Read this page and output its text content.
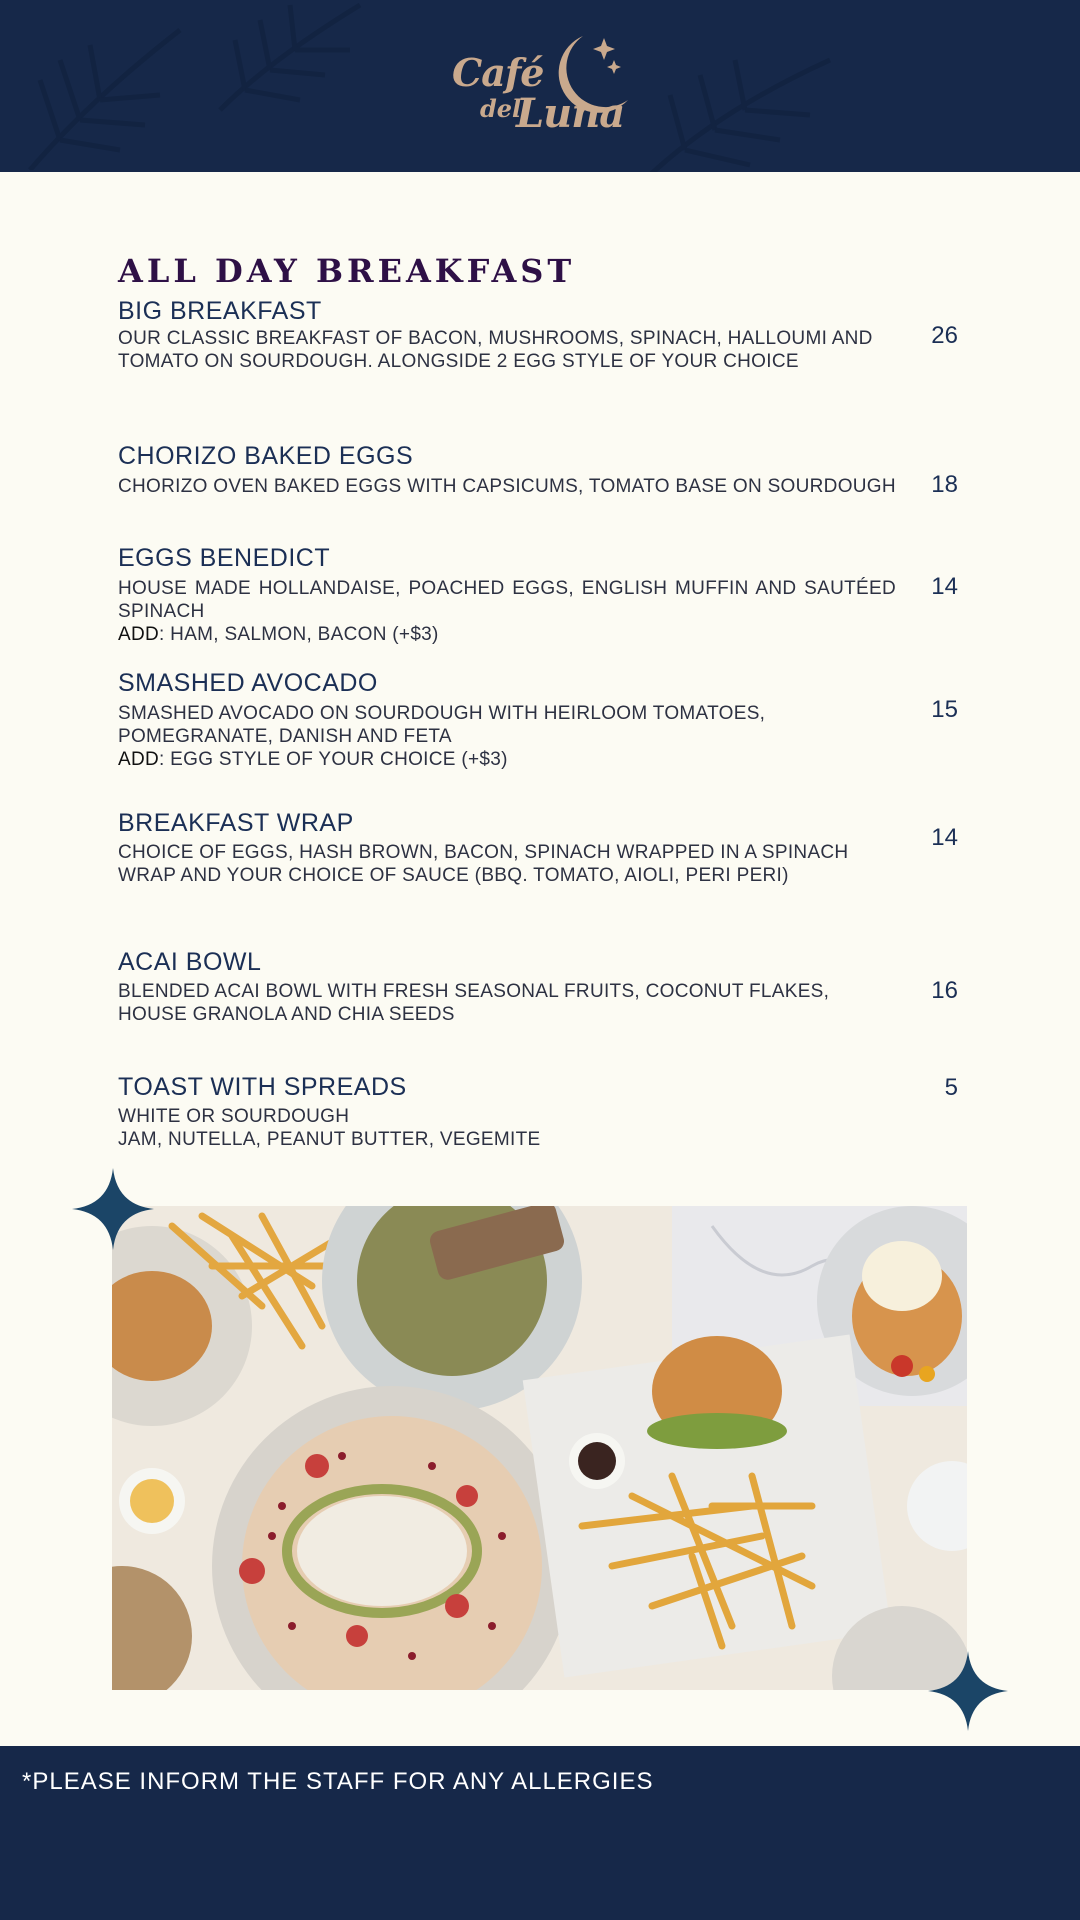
Café
del
Luna
ALL DAY BREAKFAST
BIG BREAKFAST
OUR CLASSIC BREAKFAST OF BACON, MUSHROOMS, SPINACH, HALLOUMI AND TOMATO ON SOURDOUGH. ALONGSIDE 2 EGG STYLE OF YOUR CHOICE
26
CHORIZO BAKED EGGS
CHORIZO OVEN BAKED EGGS WITH CAPSICUMS, TOMATO BASE ON SOURDOUGH 18
EGGS BENEDICT
HOUSE MADE HOLLANDAISE, POACHED EGGS, ENGLISH MUFFIN AND SAUTÉED SPINACH
ADD: HAM, SALMON, BACON (+$3)
14
SMASHED AVOCADO
SMASHED AVOCADO ON SOURDOUGH WITH HEIRLOOM TOMATOES, POMEGRANATE, DANISH AND FETA
ADD: EGG STYLE OF YOUR CHOICE (+$3)
15
BREAKFAST WRAP
CHOICE OF EGGS, HASH BROWN, BACON, SPINACH WRAPPED IN A SPINACH WRAP AND YOUR CHOICE OF SAUCE (BBQ. TOMATO, AIOLI, PERI PERI)
14
ACAI BOWL
BLENDED ACAI BOWL WITH FRESH SEASONAL FRUITS, COCONUT FLAKES, HOUSE GRANOLA AND CHIA SEEDS
16
TOAST WITH SPREADS
WHITE OR SOURDOUGH
JAM, NUTELLA, PEANUT BUTTER, VEGEMITE
5
*PLEASE INFORM THE STAFF FOR ANY ALLERGIES
